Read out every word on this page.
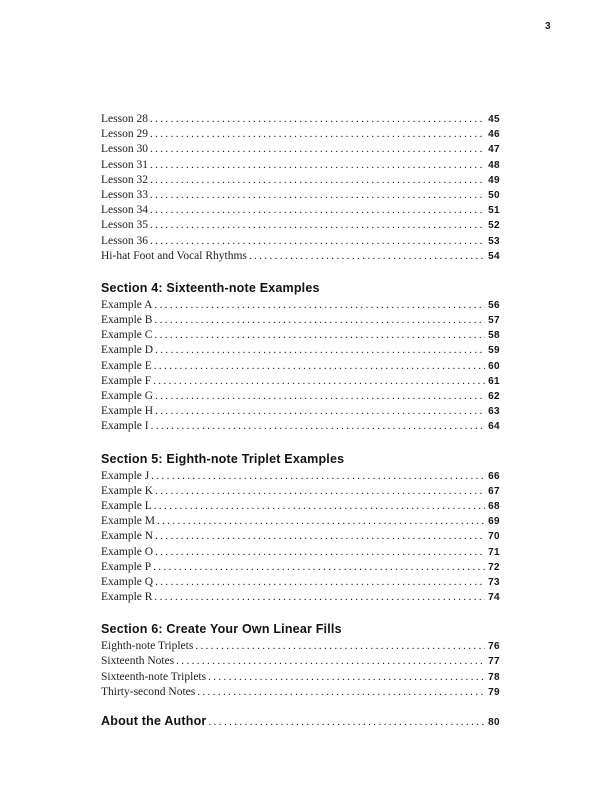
3
Lesson 28 .....	45
Lesson 29 .....	46
Lesson 30 .....	47
Lesson 31 .....	48
Lesson 32 .....	49
Lesson 33 .....	50
Lesson 34 .....	51
Lesson 35 .....	52
Lesson 36 .....	53
Hi-hat Foot and Vocal Rhythms .....	54
Section 4: Sixteenth-note Examples
Example A .....	56
Example B .....	57
Example C .....	58
Example D .....	59
Example E .....	60
Example F .....	61
Example G .....	62
Example H .....	63
Example I .....	64
Section 5: Eighth-note Triplet Examples
Example J .....	66
Example K .....	67
Example L .....	68
Example M .....	69
Example N .....	70
Example O .....	71
Example P .....	72
Example Q .....	73
Example R .....	74
Section 6: Create Your Own Linear Fills
Eighth-note Triplets .....	76
Sixteenth Notes .....	77
Sixteenth-note Triplets .....	78
Thirty-second Notes .....	79
About the Author .....	80
